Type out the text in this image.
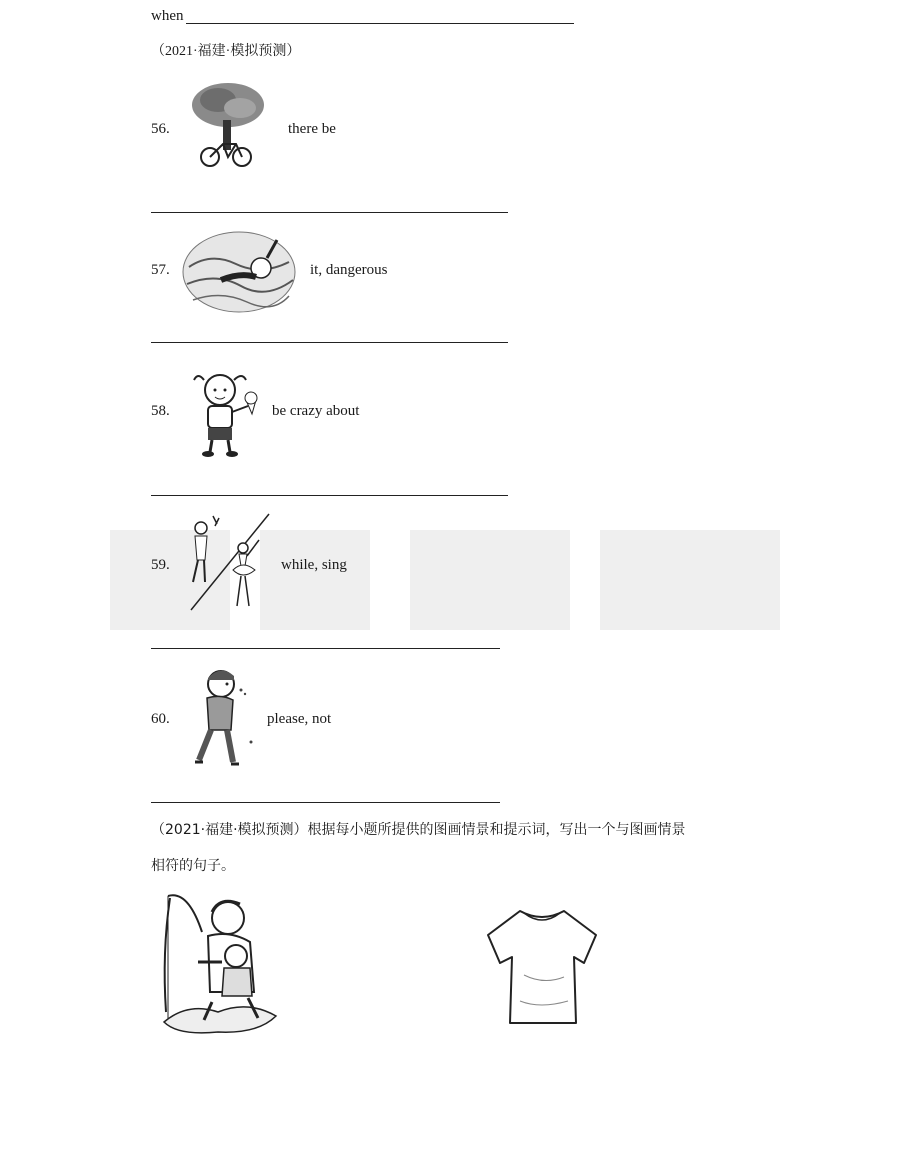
when
（2021·福建·模拟预测）
56.	there be
57.	it, dangerous
58.	be crazy about
59.	while, sing
60.	please, not
（2021·福建·模拟预测）根据每小题所提供的图画情景和提示词，写出一个与图画情景
相符的句子。
